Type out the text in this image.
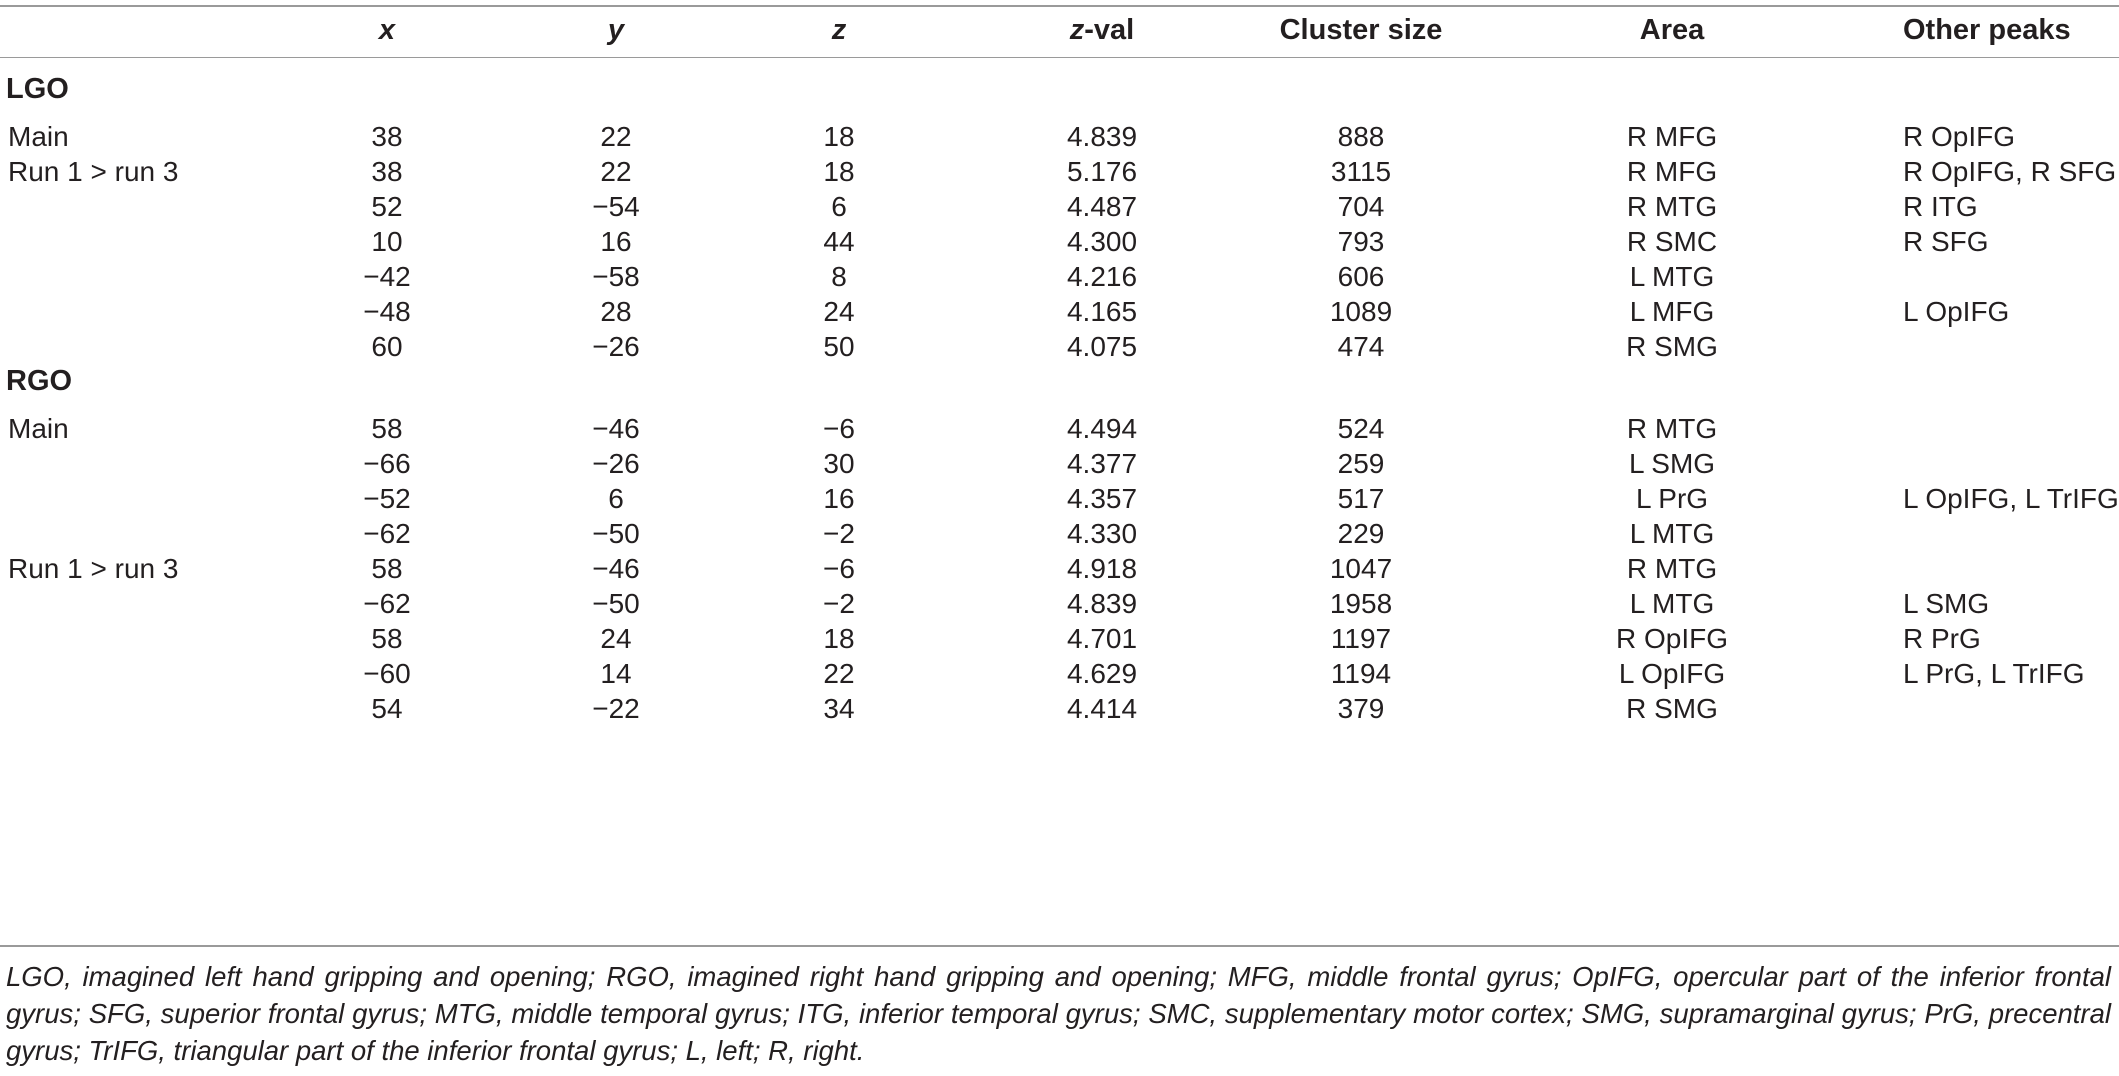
x	y	z	z-val	Cluster size	Area	Other peaks
LGO
Main	38	22	18	4.839	888	R MFG	R OpIFG
Run 1 > run 3	38	22	18	5.176	3115	R MFG	R OpIFG, R SFG
52	−54	6	4.487	704	R MTG	R ITG
10	16	44	4.300	793	R SMC	R SFG
−42	−58	8	4.216	606	L MTG
−48	28	24	4.165	1089	L MFG	L OpIFG
60	−26	50	4.075	474	R SMG
RGO
Main	58	−46	−6	4.494	524	R MTG
−66	−26	30	4.377	259	L SMG
−52	6	16	4.357	517	L PrG	L OpIFG, L TrIFG
−62	−50	−2	4.330	229	L MTG
Run 1 > run 3	58	−46	−6	4.918	1047	R MTG
−62	−50	−2	4.839	1958	L MTG	L SMG
58	24	18	4.701	1197	R OpIFG	R PrG
−60	14	22	4.629	1194	L OpIFG	L PrG, L TrIFG
54	−22	34	4.414	379	R SMG
LGO, imagined left hand gripping and opening; RGO, imagined right hand gripping and opening; MFG, middle frontal gyrus; OpIFG, opercular part of the inferior frontal gyrus; SFG, superior frontal gyrus; MTG, middle temporal gyrus; ITG, inferior temporal gyrus; SMC, supplementary motor cortex; SMG, supramarginal gyrus; PrG, precentral gyrus; TrIFG, triangular part of the inferior frontal gyrus; L, left; R, right.
